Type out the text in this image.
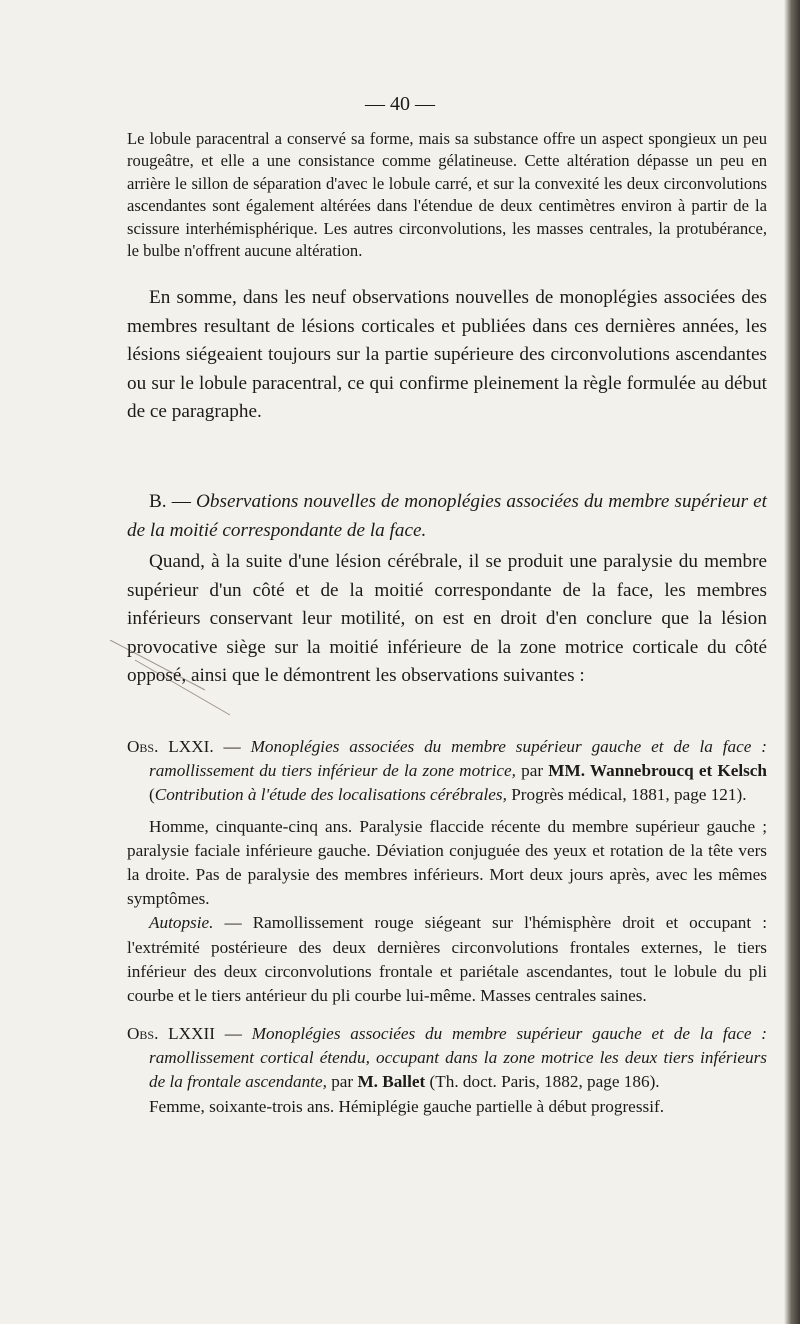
— 40 —

Le lobule paracentral a conservé sa forme, mais sa substance offre un aspect spongieux un peu rougeâtre, et elle a une consistance comme gélatineuse. Cette altération dépasse un peu en arrière le sillon de séparation d'avec le lobule carré, et sur la convexité les deux circonvolutions ascendantes sont également altérées dans l'étendue de deux centimètres environ à partir de la scissure interhémisphérique. Les autres circonvolutions, les masses centrales, la protubérance, le bulbe n'offrent aucune altération.

En somme, dans les neuf observations nouvelles de monoplégies associées des membres resultant de lésions corticales et publiées dans ces dernières années, les lésions siégeaient toujours sur la partie supérieure des circonvolutions ascendantes ou sur le lobule paracentral, ce qui confirme pleinement la règle formulée au début de ce paragraphe.

B. — Observations nouvelles de monoplégies associées du membre supérieur et de la moitié correspondante de la face.

Quand, à la suite d'une lésion cérébrale, il se produit une paralysie du membre supérieur d'un côté et de la moitié correspondante de la face, les membres inférieurs conservant leur motilité, on est en droit d'en conclure que la lésion provocative siège sur la moitié inférieure de la zone motrice corticale du côté opposé, ainsi que le démontrent les observations suivantes :

Obs. LXXI. — Monoplégies associées du membre supérieur gauche et de la face : ramollissement du tiers inférieur de la zone motrice, par MM. Wannebroucq et Kelsch (Contribution à l'étude des localisations cérébrales, Progrès médical, 1881, page 121).

Homme, cinquante-cinq ans. Paralysie flaccide récente du membre supérieur gauche ; paralysie faciale inférieure gauche. Déviation conjuguée des yeux et rotation de la tête vers la droite. Pas de paralysie des membres inférieurs. Mort deux jours après, avec les mêmes symptômes.

Autopsie. — Ramollissement rouge siégeant sur l'hémisphère droit et occupant : l'extrémité postérieure des deux dernières circonvolutions frontales externes, le tiers inférieur des deux circonvolutions frontale et pariétale ascendantes, tout le lobule du pli courbe et le tiers antérieur du pli courbe lui-même. Masses centrales saines.

Obs. LXXII — Monoplégies associées du membre supérieur gauche et de la face : ramollissement cortical étendu, occupant dans la zone motrice les deux tiers inférieurs de la frontale ascendante, par M. Ballet (Th. doct. Paris, 1882, page 186).

Femme, soixante-trois ans. Hémiplégie gauche partielle à début progressif.
